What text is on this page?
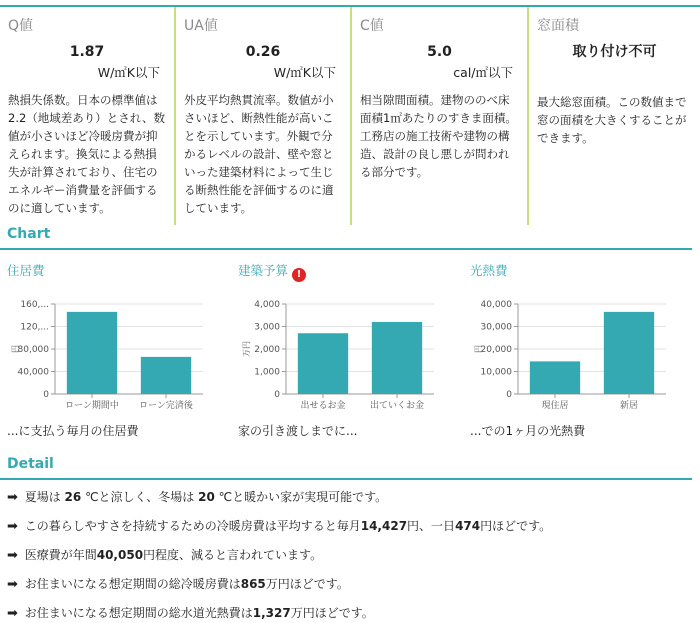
Q値
1.87
W/㎡K以下
熱損失係数。日本の標準値は2.2（地域差あり）とされ、数値が小さいほど冷暖房費が抑えられます。換気による熱損失が計算されており、住宅のエネルギー消費量を評価するのに適しています。
UA値
0.26
W/㎡K以下
外皮平均熱貫流率。数値が小さいほど、断熱性能が高いことを示しています。外観で分かるレベルの設計、壁や窓といった建築材料によって生じる断熱性能を評価するのに適しています。
C値
5.0
cal/㎡以下
相当隙間面積。建物ののべ床面積1㎡あたりのすきま面積。工務店の施工技術や建物の構造、設計の良し悪しが問われる部分です。
窓面積
取り付け不可
最大総窓面積。この数値まで窓の面積を大きくすることができます。
Chart
住居費
0
40,000
80,000
120,...
160,...
円
ローン期間中 ローン完済後
...に支払う毎月の住居費
建築予算 !
0
1,000
2,000
3,000
4,000
万円
出せるお金	出ていくお金
家の引き渡しまでに...
光熱費
0
10,000
20,000
30,000
40,000
円
現住居	新居
...での1ヶ月の光熱費
Detail
➡ 夏場は 26 ℃と涼しく、冬場は 20 ℃と暖かい家が実現可能です。
➡ この暮らしやすさを持続するための冷暖房費は平均すると毎月14,427円、一日474円ほどです。
➡ 医療費が年間40,050円程度、減ると言われています。
➡ お住まいになる想定期間の総冷暖房費は865万円ほどです。
➡ お住まいになる想定期間の総水道光熱費は1,327万円ほどです。
